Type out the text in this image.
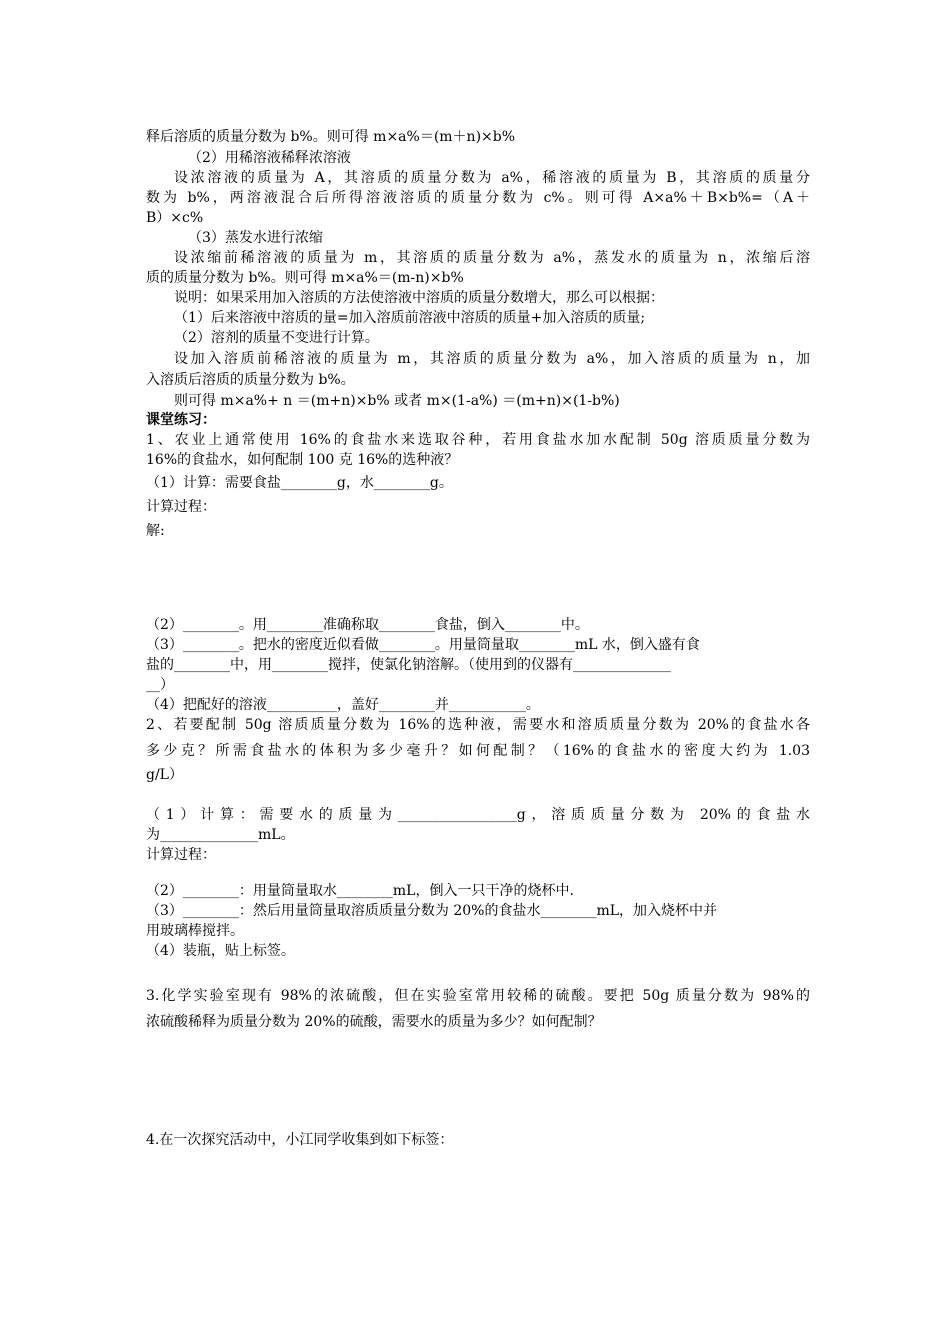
释后溶质的质量分数为 b%。则可得 m×a%＝(m＋n)×b%
（2）用稀溶液稀释浓溶液
设浓溶液的质量为 A，其溶质的质量分数为 a%，稀溶液的质量为 B，其溶质的质量分
数为 b%，两溶液混合后所得溶液溶质的质量分数为 c%。则可得 A×a%＋B×b%=（A＋
B）×c%
（3）蒸发水进行浓缩
设浓缩前稀溶液的质量为 m，其溶质的质量分数为 a%，蒸发水的质量为 n，浓缩后溶
质的质量分数为 b%。则可得 m×a%＝(m-n)×b%
说明：如果采用加入溶质的方法使溶液中溶质的质量分数增大，那么可以根据：
（1）后来溶液中溶质的量=加入溶质前溶液中溶质的质量+加入溶质的质量;
（2）溶剂的质量不变进行计算。
设加入溶质前稀溶液的质量为 m，其溶质的质量分数为 a%，加入溶质的质量为 n，加
入溶质后溶质的质量分数为 b%。
则可得 m×a%+ n ＝(m+n)×b% 或者 m×(1-a%) ＝(m+n)×(1-b%)
课堂练习：
1、农业上通常使用 16%的食盐水来选取谷种，若用食盐水加水配制 50g 溶质质量分数为
16%的食盐水，如何配制 100 克 16%的选种液？
（1）计算：需要食盐________g，水________g。
计算过程：
解:
（2）________。用________准确称取________食盐，倒入________中。
（3）________。把水的密度近似看做________。用量筒量取________mL 水，倒入盛有食
盐的________中，用________搅拌，使氯化钠溶解。（使用到的仪器有______________
__）
（4）把配好的溶液__________，盖好________并___________。
2、若要配制 50g 溶质质量分数为 16%的选种液，需要水和溶质质量分数为 20%的食盐水各
多少克？所需食盐水的体积为多少毫升？如何配制？（16%的食盐水的密度大约为 1.03
g/L）
（1）计算：需要水的质量为_________________g，溶质质量分数为 20%的食盐水
为______________mL。
计算过程：
（2）________：用量筒量取水________mL，倒入一只干净的烧杯中.
（3）________：然后用量筒量取溶质质量分数为 20%的食盐水________mL，加入烧杯中并
用玻璃棒搅拌。
（4）装瓶，贴上标签。
3.化学实验室现有 98%的浓硫酸，但在实验室常用较稀的硫酸。要把 50g 质量分数为 98%的
浓硫酸稀释为质量分数为 20%的硫酸，需要水的质量为多少？如何配制？
4.在一次探究活动中，小江同学收集到如下标签：
